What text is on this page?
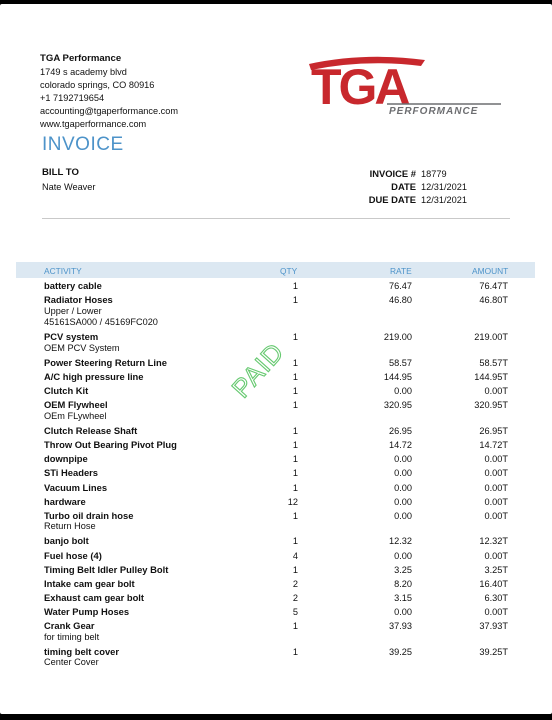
TGA Performance
1749 s academy blvd
colorado springs, CO 80916
+1 7192719654
accounting@tgaperformance.com
www.tgaperformance.com
TGA
PERFORMANCE
INVOICE
BILL TO
Nate Weaver
INVOICE # 18779
DATE 12/31/2021
DUE DATE 12/31/2021
ACTIVITY	QTY	RATE	AMOUNT
battery cable	1	76.47	76.47T
Radiator Hoses
Upper / Lower
45161SA000 / 45169FC020
1	46.80	46.80T
PCV system
OEM PCV System
1	219.00	219.00T
Power Steering Return Line	1	58.57	58.57T
A/C high pressure line	1	144.95	144.95T
Clutch Kit	1	0.00	0.00T
OEM Flywheel
OEm FLywheel
1	320.95	320.95T
Clutch Release Shaft	1	26.95	26.95T
Throw Out Bearing Pivot Plug	1	14.72	14.72T
downpipe	1	0.00	0.00T
STi Headers	1	0.00	0.00T
Vacuum Lines	1	0.00	0.00T
hardware	12	0.00	0.00T
Turbo oil drain hose
Return Hose
1	0.00	0.00T
banjo bolt	1	12.32	12.32T
Fuel hose (4)	4	0.00	0.00T
Timing Belt Idler Pulley Bolt	1	3.25	3.25T
Intake cam gear bolt	2	8.20	16.40T
Exhaust cam gear bolt	2	3.15	6.30T
Water Pump Hoses	5	0.00	0.00T
Crank Gear
for timing belt
1	37.93	37.93T
timing belt cover
Center Cover
1	39.25	39.25T
PAID
